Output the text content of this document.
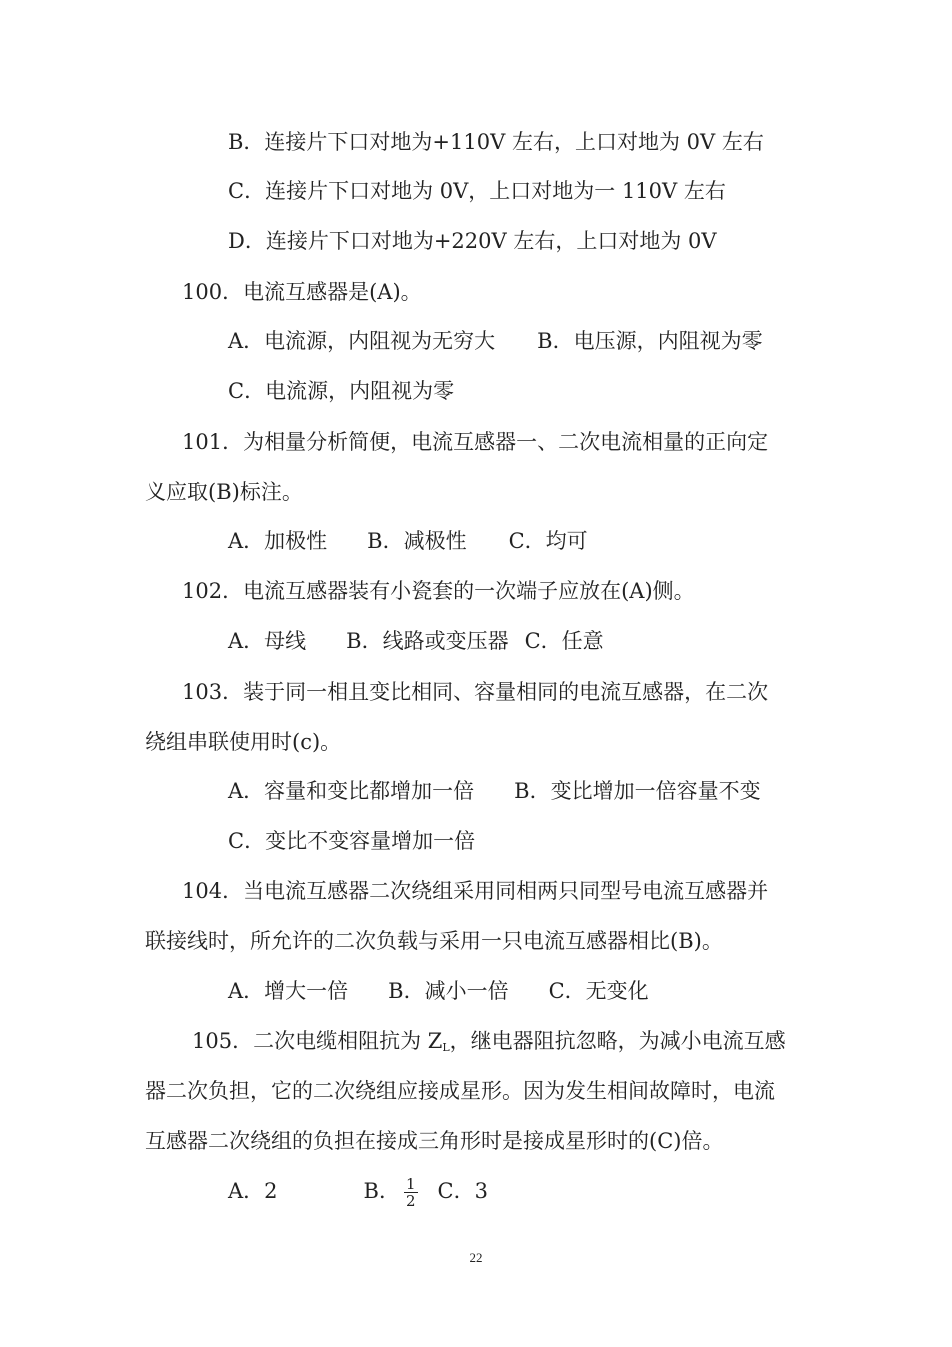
B．连接片下口对地为+110V 左右，上口对地为 0V 左右
C．连接片下口对地为 0V，上口对地为一 110V 左右
D．连接片下口对地为+220V 左右，上口对地为 0V
100．电流互感器是(A)。
A．电流源，内阻视为无穷大 B．电压源，内阻视为零
C．电流源，内阻视为零
101．为相量分析简便，电流互感器一、二次电流相量的正向定
义应取(B)标注。
A．加极性 B．减极性 C．均可
102．电流互感器装有小瓷套的一次端子应放在(A)侧。
A．母线 B．线路或变压器 C．任意
103．装于同一相且变比相同、容量相同的电流互感器，在二次
绕组串联使用时(c)。
A．容量和变比都增加一倍 B．变比增加一倍容量不变
C．变比不变容量增加一倍
104．当电流互感器二次绕组采用同相两只同型号电流互感器并
联接线时，所允许的二次负载与采用一只电流互感器相比(B)。
A．增大一倍 B．减小一倍 C．无变化
105．二次电缆相阻抗为 $Z_L$，继电器阻抗忽略，为减小电流互感
器二次负担，它的二次绕组应接成星形。因为发生相间故障时，电流
互感器二次绕组的负担在接成三角形时是接成星形时的(C)倍。
A．2	B． $\frac{1}{2}$ C．3
22
